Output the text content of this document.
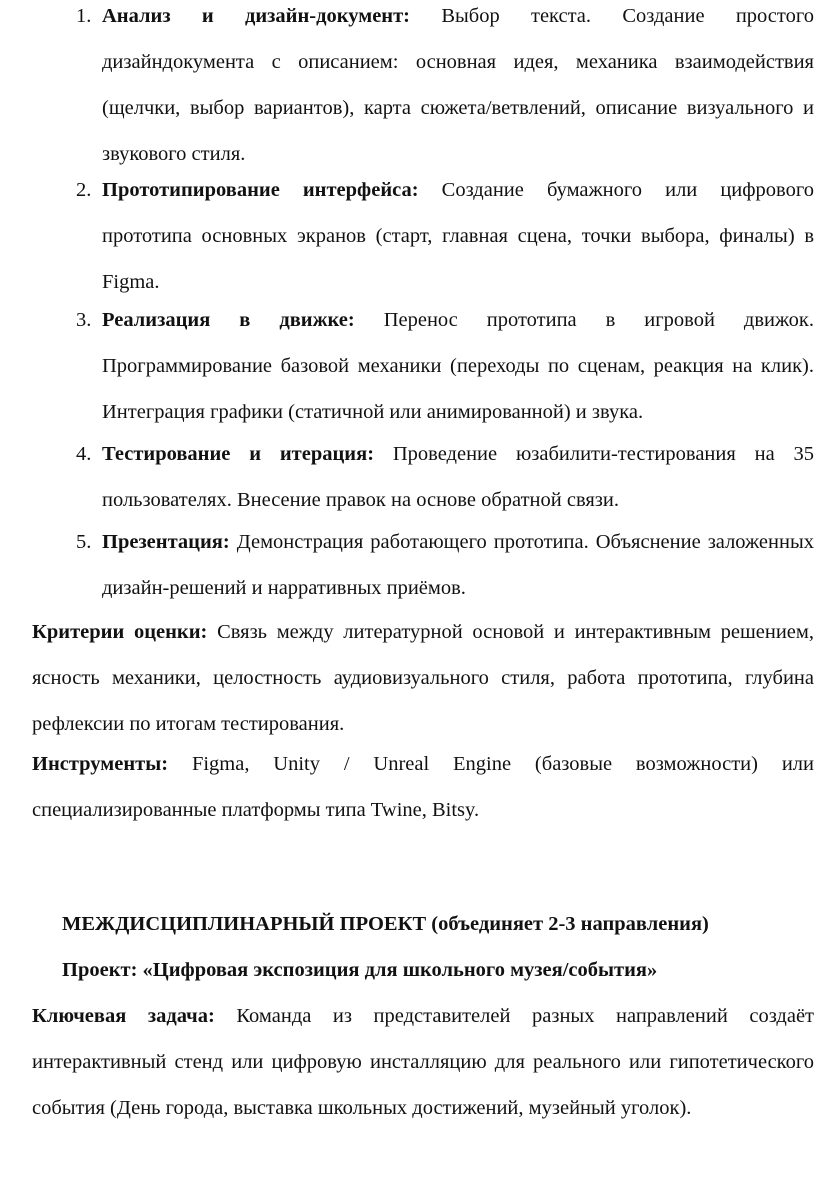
1. Анализ и дизайн-документ: Выбор текста. Создание простого дизайндокумента с описанием: основная идея, механика взаимодействия (щелчки, выбор вариантов), карта сюжета/ветвлений, описание визуального и звукового стиля.
2. Прототипирование интерфейса: Создание бумажного или цифрового прототипа основных экранов (старт, главная сцена, точки выбора, финалы) в Figma.
3. Реализация в движке: Перенос прототипа в игровой движок. Программирование базовой механики (переходы по сценам, реакция на клик). Интеграция графики (статичной или анимированной) и звука.
4. Тестирование и итерация: Проведение юзабилити-тестирования на 35 пользователях. Внесение правок на основе обратной связи.
5. Презентация: Демонстрация работающего прототипа. Объяснение заложенных дизайн-решений и нарративных приёмов.
Критерии оценки: Связь между литературной основой и интерактивным решением, ясность механики, целостность аудиовизуального стиля, работа прототипа, глубина рефлексии по итогам тестирования.
Инструменты: Figma, Unity / Unreal Engine (базовые возможности) или специализированные платформы типа Twine, Bitsy.
МЕЖДИСЦИПЛИНАРНЫЙ ПРОЕКТ (объединяет 2-3 направления)
Проект: «Цифровая экспозиция для школьного музея/события»
Ключевая задача: Команда из представителей разных направлений создаёт интерактивный стенд или цифровую инсталляцию для реального или гипотетического события (День города, выставка школьных достижений, музейный уголок).
